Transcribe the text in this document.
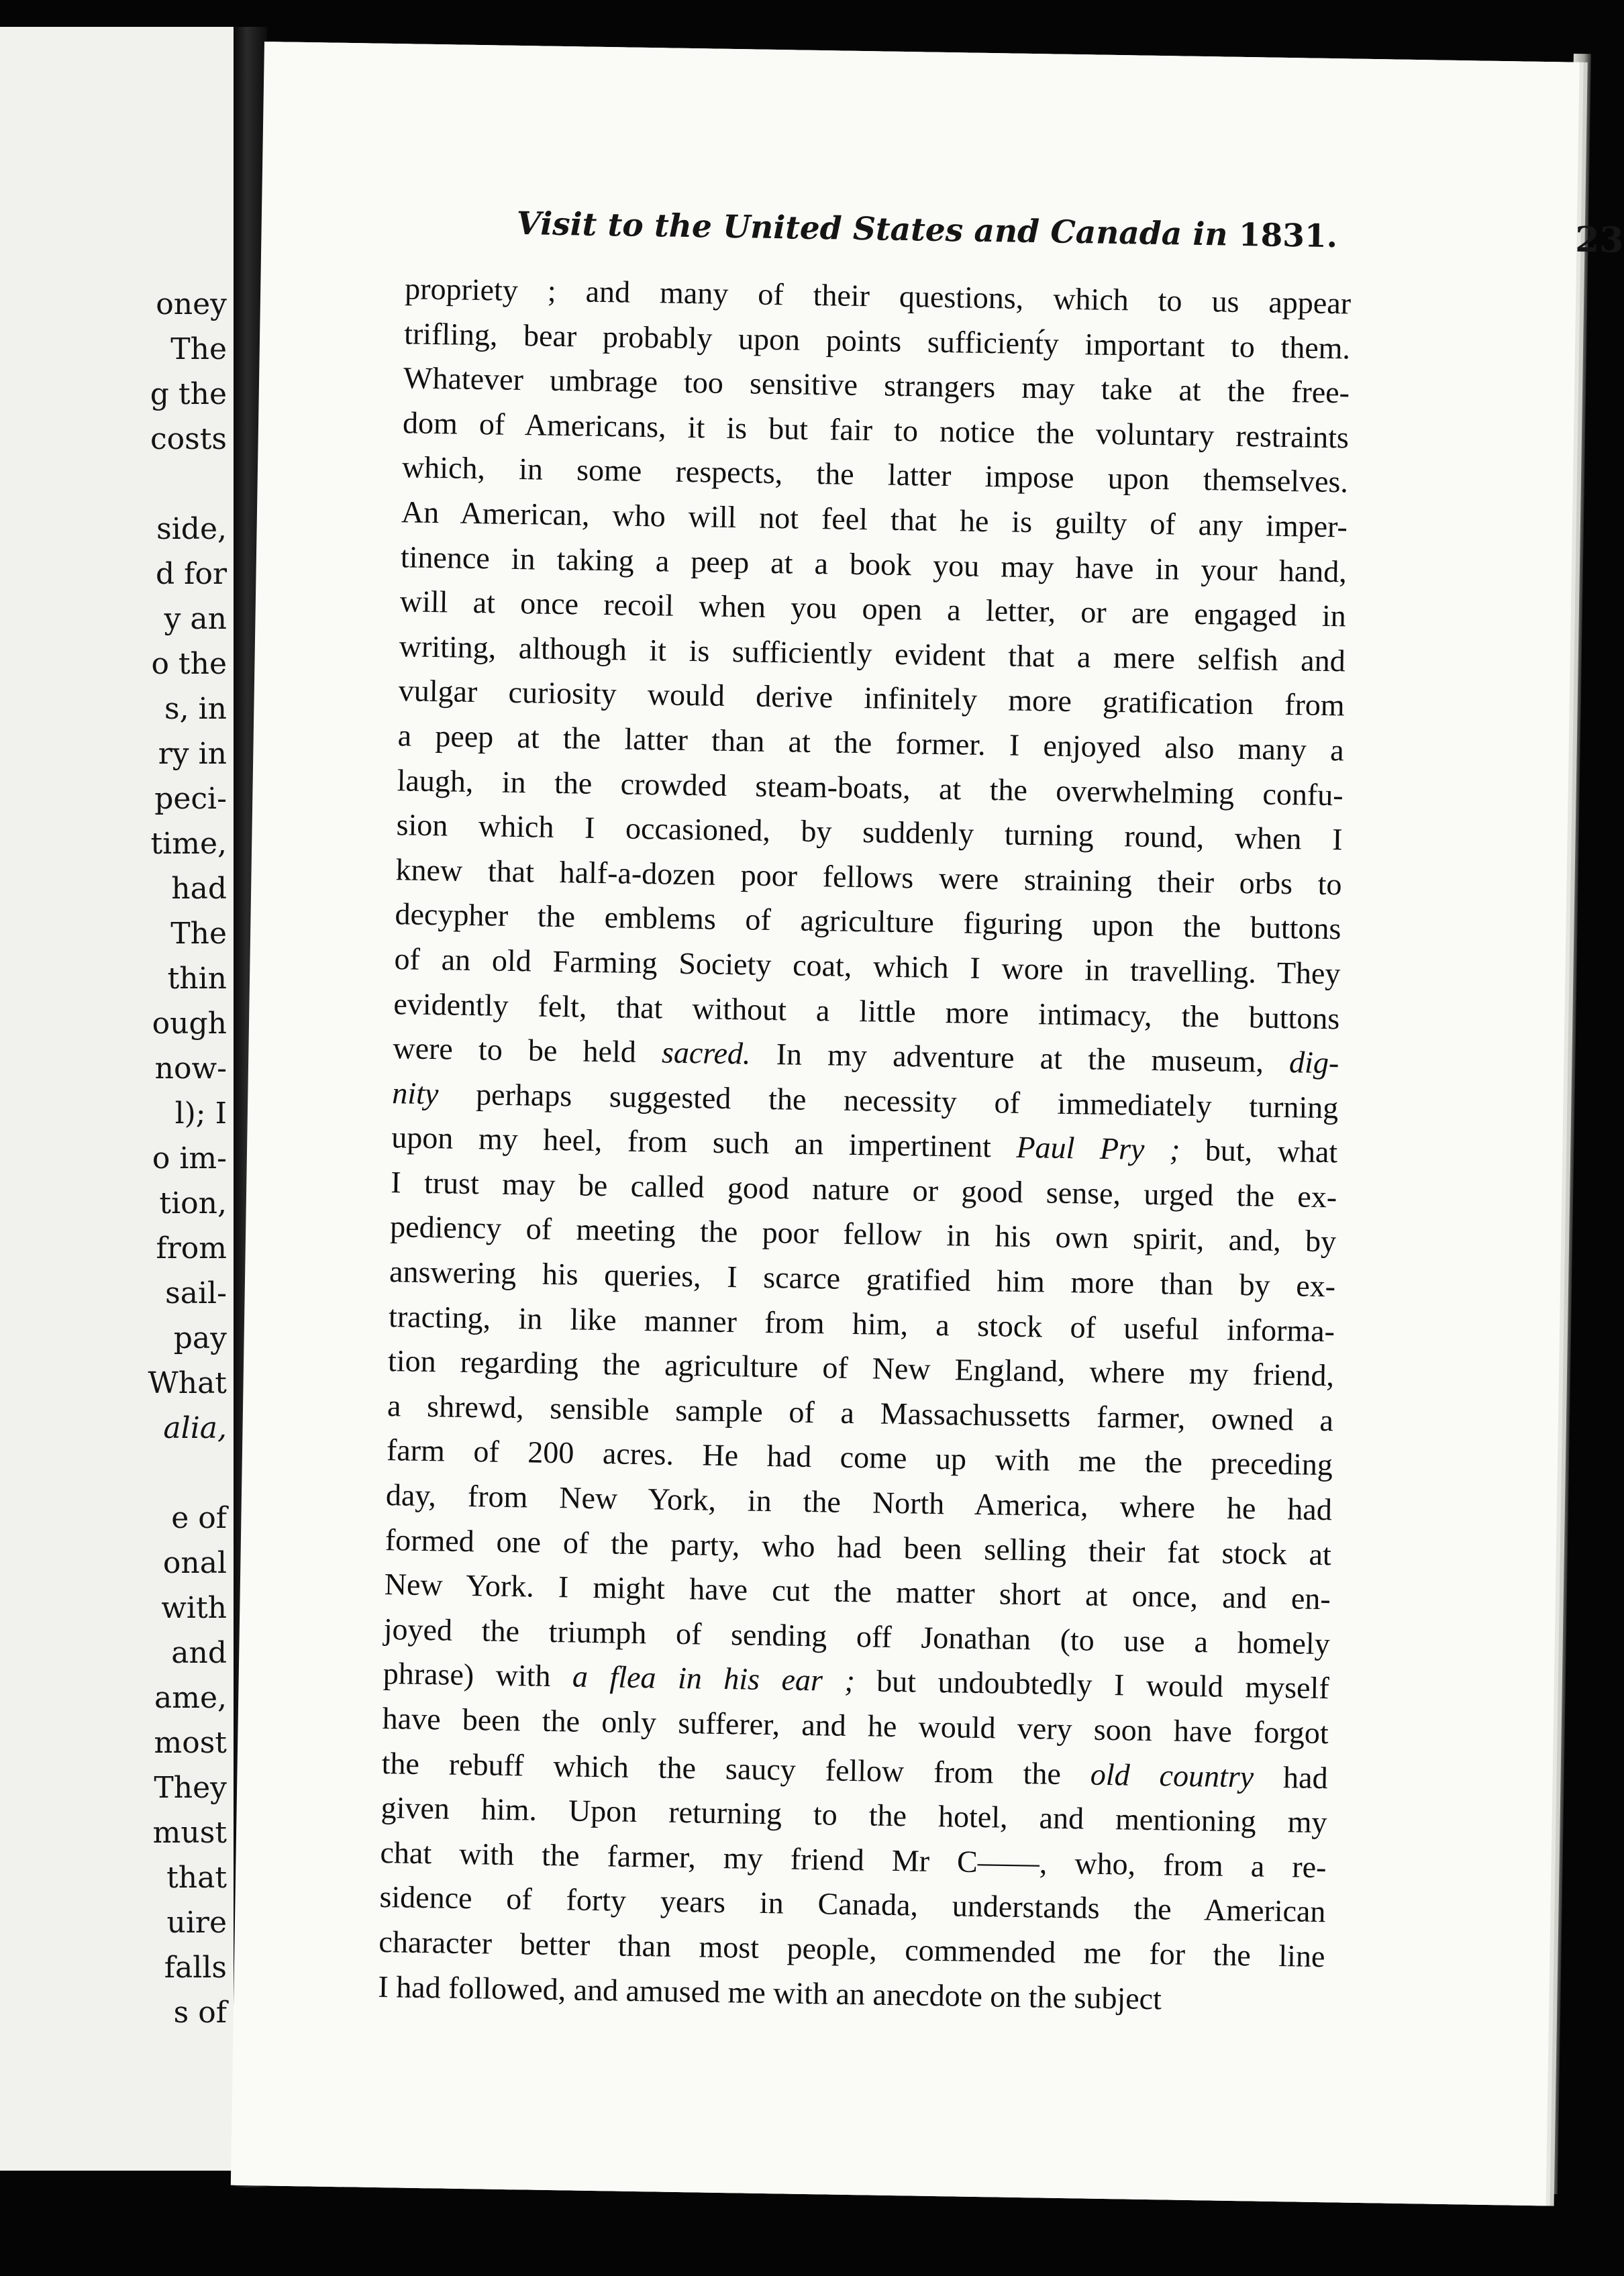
oney
The
g the
costs
side,
d for
y an
o the
s, in
ry in
peci-
time,
had
The
thin
ough
now-
l); I
o im-
tion,
from
sail-
pay
What
alia,
e of
onal
with
and
ame,
most
They
must
that
uire
falls
s of
Visit to the United States and Canada in 1831.	23
propriety ; and many of their questions, which to us appear
trifling, bear probably upon points sufficient́y important to them.
Whatever umbrage too sensitive strangers may take at the free-
dom of Americans, it is but fair to notice the voluntary restraints
which, in some respects, the latter impose upon themselves.
An American, who will not feel that he is guilty of any imper-
tinence in taking a peep at a book you may have in your hand,
will at once recoil when you open a letter, or are engaged in
writing, although it is sufficiently evident that a mere selfish and
vulgar curiosity would derive infinitely more gratification from
a peep at the latter than at the former. I enjoyed also many a
laugh, in the crowded steam-boats, at the overwhelming confu-
sion which I occasioned, by suddenly turning round, when I
knew that half-a-dozen poor fellows were straining their orbs to
decypher the emblems of agriculture figuring upon the buttons
of an old Farming Society coat, which I wore in travelling. They
evidently felt, that without a little more intimacy, the buttons
were to be held sacred. In my adventure at the museum, dig-
nity perhaps suggested the necessity of immediately turning
upon my heel, from such an impertinent Paul Pry ; but, what
I trust may be called good nature or good sense, urged the ex-
pediency of meeting the poor fellow in his own spirit, and, by
answering his queries, I scarce gratified him more than by ex-
tracting, in like manner from him, a stock of useful informa-
tion regarding the agriculture of New England, where my friend,
a shrewd, sensible sample of a Massachussetts farmer, owned a
farm of 200 acres. He had come up with me the preceding
day, from New York, in the North America, where he had
formed one of the party, who had been selling their fat stock at
New York. I might have cut the matter short at once, and en-
joyed the triumph of sending off Jonathan (to use a homely
phrase) with a flea in his ear ; but undoubtedly I would myself
have been the only sufferer, and he would very soon have forgot
the rebuff which the saucy fellow from the old country had
given him. Upon returning to the hotel, and mentioning my
chat with the farmer, my friend Mr C——, who, from a re-
sidence of forty years in Canada, understands the American
character better than most people, commended me for the line
I had followed, and amused me with an anecdote on the subject
